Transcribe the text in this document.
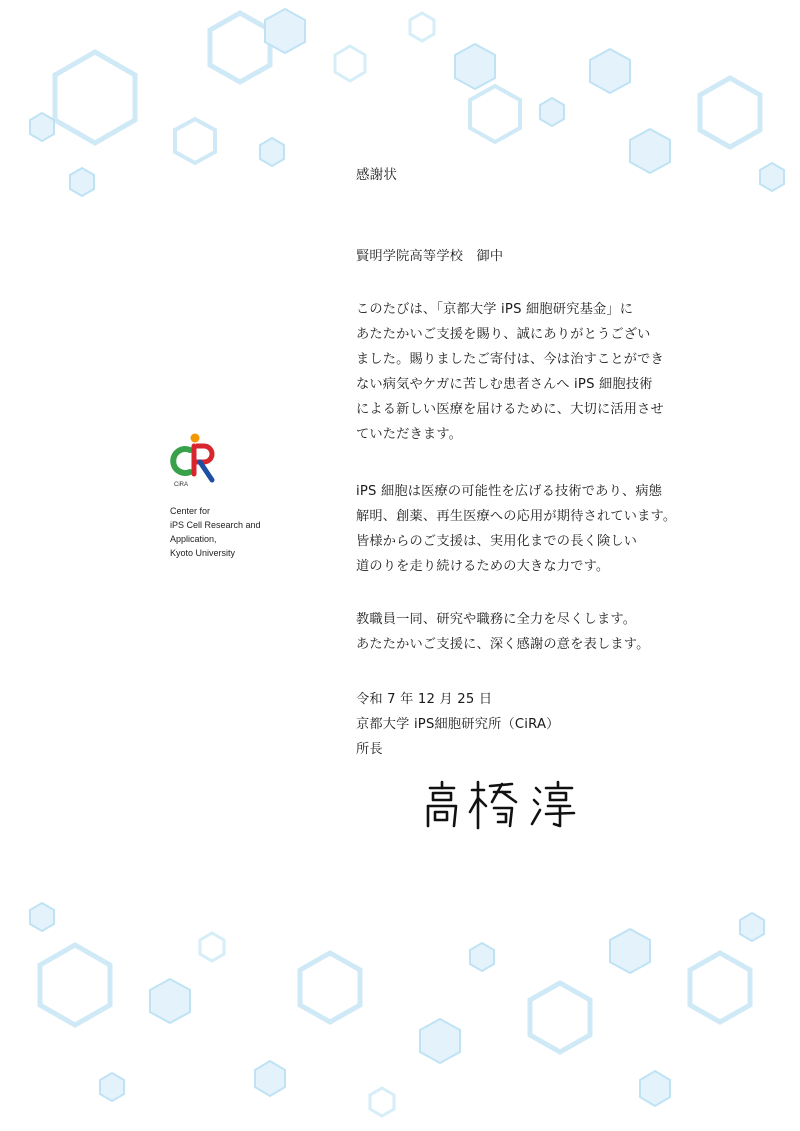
CiRA
Center for
iPS Cell Research and
Application,
Kyoto University
感謝状
賢明学院高等学校　御中
このたびは、「京都大学 iPS 細胞研究基金」に
あたたかいご支援を賜り、誠にありがとうござい
ました。賜りましたご寄付は、今は治すことができ
ない病気やケガに苦しむ患者さんへ iPS 細胞技術
による新しい医療を届けるために、大切に活用させ
ていただきます。
iPS 細胞は医療の可能性を広げる技術であり、病態
解明、創薬、再生医療への応用が期待されています。
皆様からのご支援は、実用化までの長く険しい
道のりを走り続けるための大きな力です。
教職員一同、研究や職務に全力を尽くします。
あたたかいご支援に、深く感謝の意を表します。
令和 7 年 12 月 25 日
京都大学 iPS細胞研究所（CiRA）
所長
